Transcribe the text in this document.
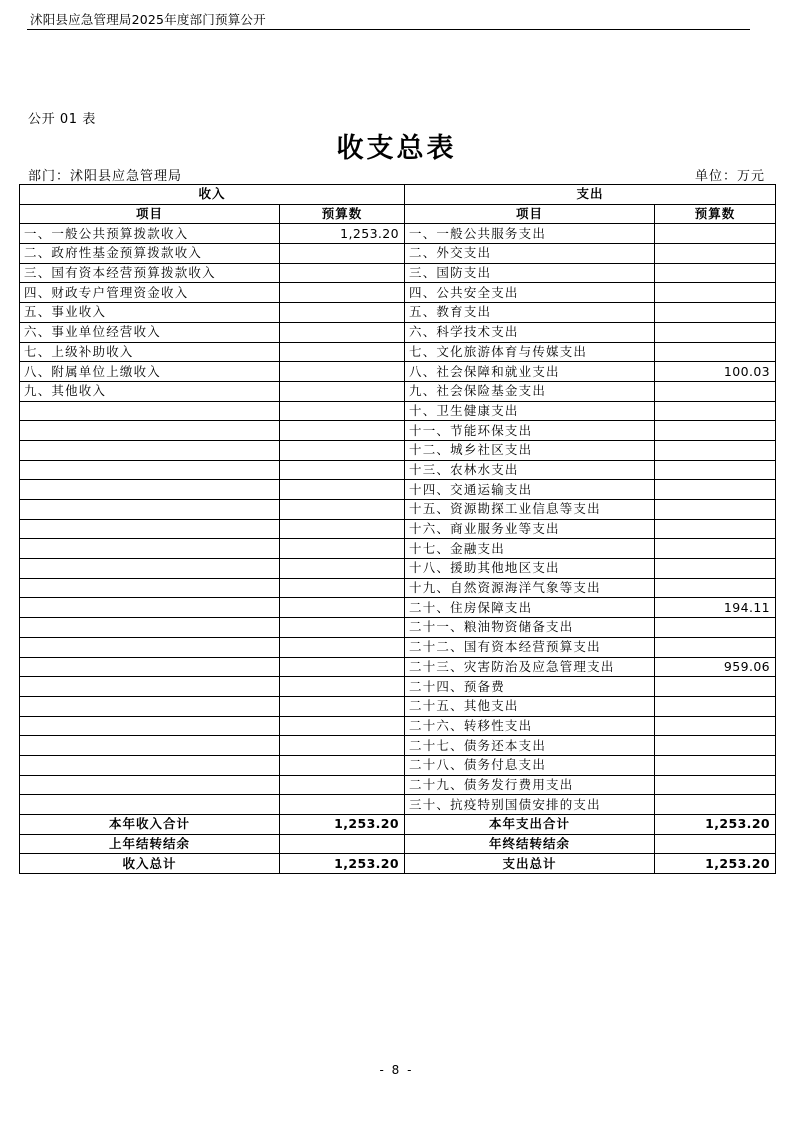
沭阳县应急管理局2025年度部门预算公开
公开 01 表
收支总表
部门：沭阳县应急管理局	单位：万元
收入		支出	
项目	预算数	项目	预算数
一、一般公共预算拨款收入	1,253.20	一、一般公共服务支出	
二、政府性基金预算拨款收入		二、外交支出	
三、国有资本经营预算拨款收入		三、国防支出	
四、财政专户管理资金收入		四、公共安全支出	
五、事业收入		五、教育支出	
六、事业单位经营收入		六、科学技术支出	
七、上级补助收入		七、文化旅游体育与传媒支出	
八、附属单位上缴收入		八、社会保障和就业支出	100.03
九、其他收入		九、社会保险基金支出	
		十、卫生健康支出	
		十一、节能环保支出	
		十二、城乡社区支出	
		十三、农林水支出	
		十四、交通运输支出	
		十五、资源勘探工业信息等支出	
		十六、商业服务业等支出	
		十七、金融支出	
		十八、援助其他地区支出	
		十九、自然资源海洋气象等支出	
		二十、住房保障支出	194.11
		二十一、粮油物资储备支出	
		二十二、国有资本经营预算支出	
		二十三、灾害防治及应急管理支出	959.06
		二十四、预备费	
		二十五、其他支出	
		二十六、转移性支出	
		二十七、债务还本支出	
		二十八、债务付息支出	
		二十九、债务发行费用支出	
		三十、抗疫特别国债安排的支出	
本年收入合计	1,253.20	本年支出合计	1,253.20
上年结转结余		年终结转结余	
收入总计	1,253.20	支出总计	1,253.20
- 8 -
